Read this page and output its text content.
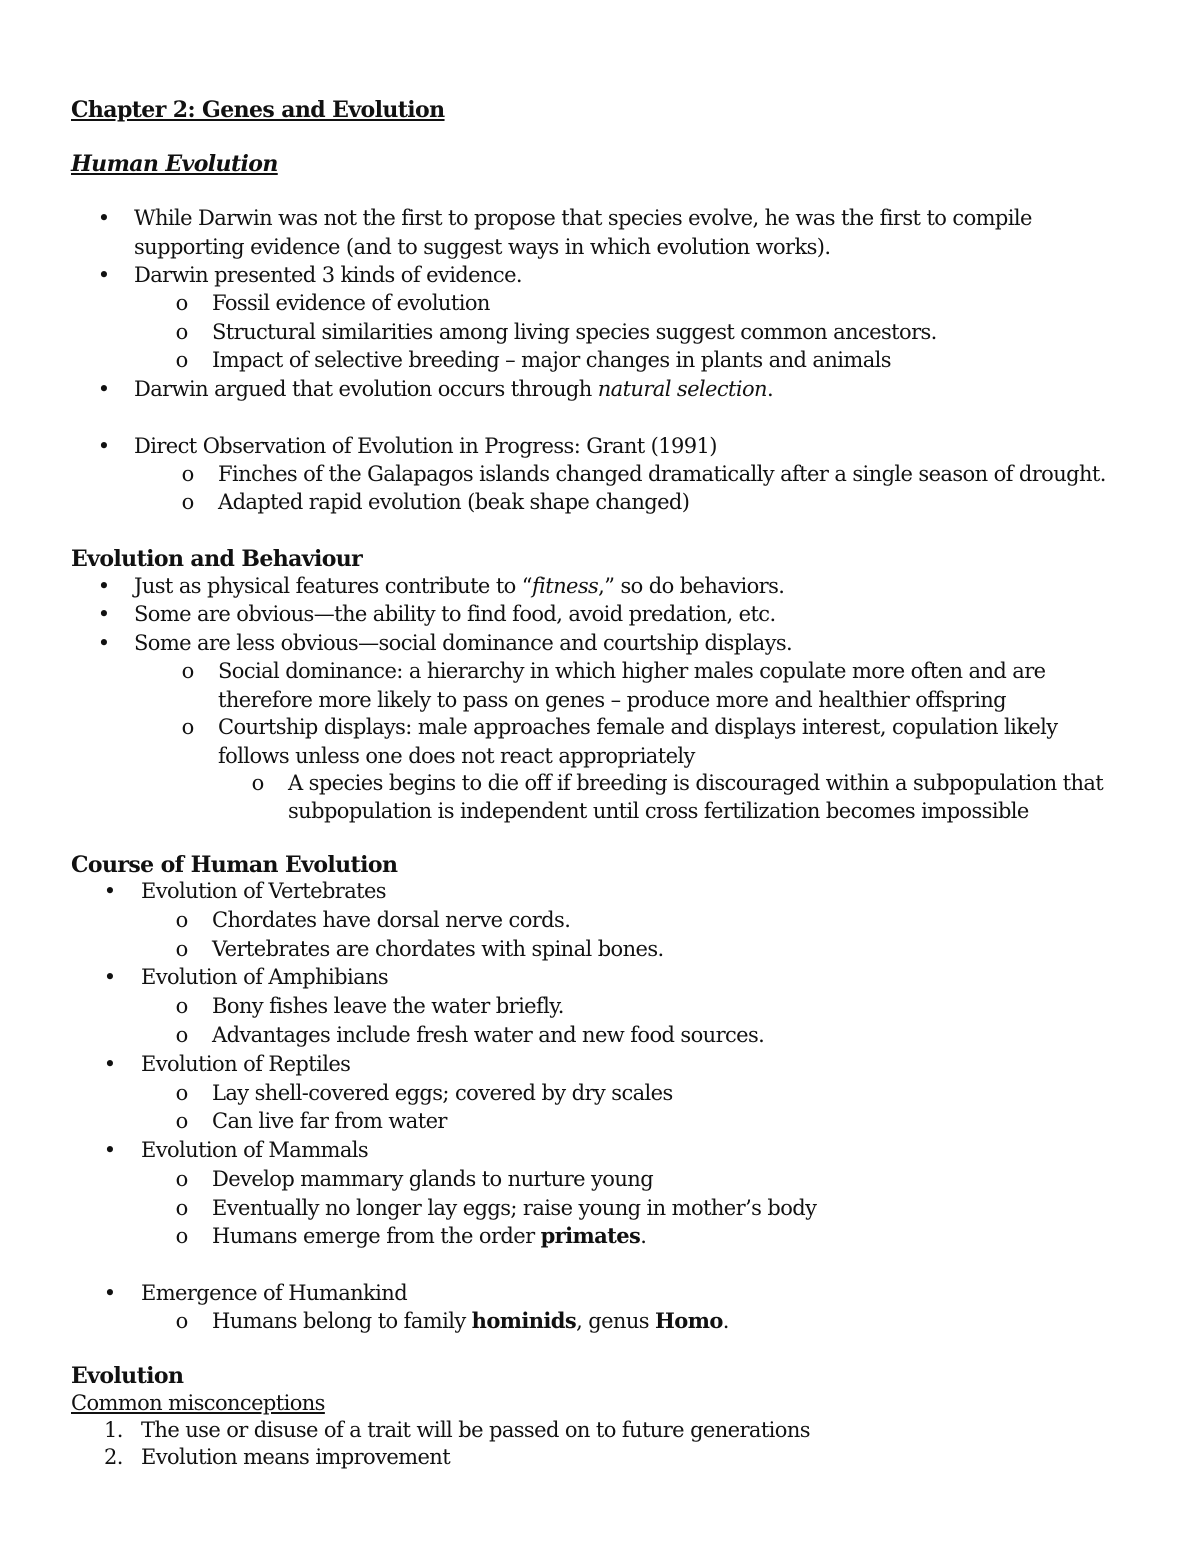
Chapter 2: Genes and Evolution
Human Evolution
• While Darwin was not the first to propose that species evolve, he was the first to compile
supporting evidence (and to suggest ways in which evolution works).
• Darwin presented 3 kinds of evidence.
o Fossil evidence of evolution
o Structural similarities among living species suggest common ancestors.
o Impact of selective breeding – major changes in plants and animals
• Darwin argued that evolution occurs through natural selection.
• Direct Observation of Evolution in Progress: Grant (1991)
o Finches of the Galapagos islands changed dramatically after a single season of drought.
o Adapted rapid evolution (beak shape changed)
Evolution and Behaviour
• Just as physical features contribute to “fitness,” so do behaviors.
• Some are obvious—the ability to find food, avoid predation, etc.
• Some are less obvious—social dominance and courtship displays.
o Social dominance: a hierarchy in which higher males copulate more often and are
therefore more likely to pass on genes – produce more and healthier offspring
o Courtship displays: male approaches female and displays interest, copulation likely
follows unless one does not react appropriately
o A species begins to die off if breeding is discouraged within a subpopulation that
subpopulation is independent until cross fertilization becomes impossible
Course of Human Evolution
• Evolution of Vertebrates
o Chordates have dorsal nerve cords.
o Vertebrates are chordates with spinal bones.
• Evolution of Amphibians
o Bony fishes leave the water briefly.
o Advantages include fresh water and new food sources.
• Evolution of Reptiles
o Lay shell-covered eggs; covered by dry scales
o Can live far from water
• Evolution of Mammals
o Develop mammary glands to nurture young
o Eventually no longer lay eggs; raise young in mother’s body
o Humans emerge from the order primates.
• Emergence of Humankind
o Humans belong to family hominids, genus Homo.
Evolution
Common misconceptions
1. The use or disuse of a trait will be passed on to future generations
2. Evolution means improvement
